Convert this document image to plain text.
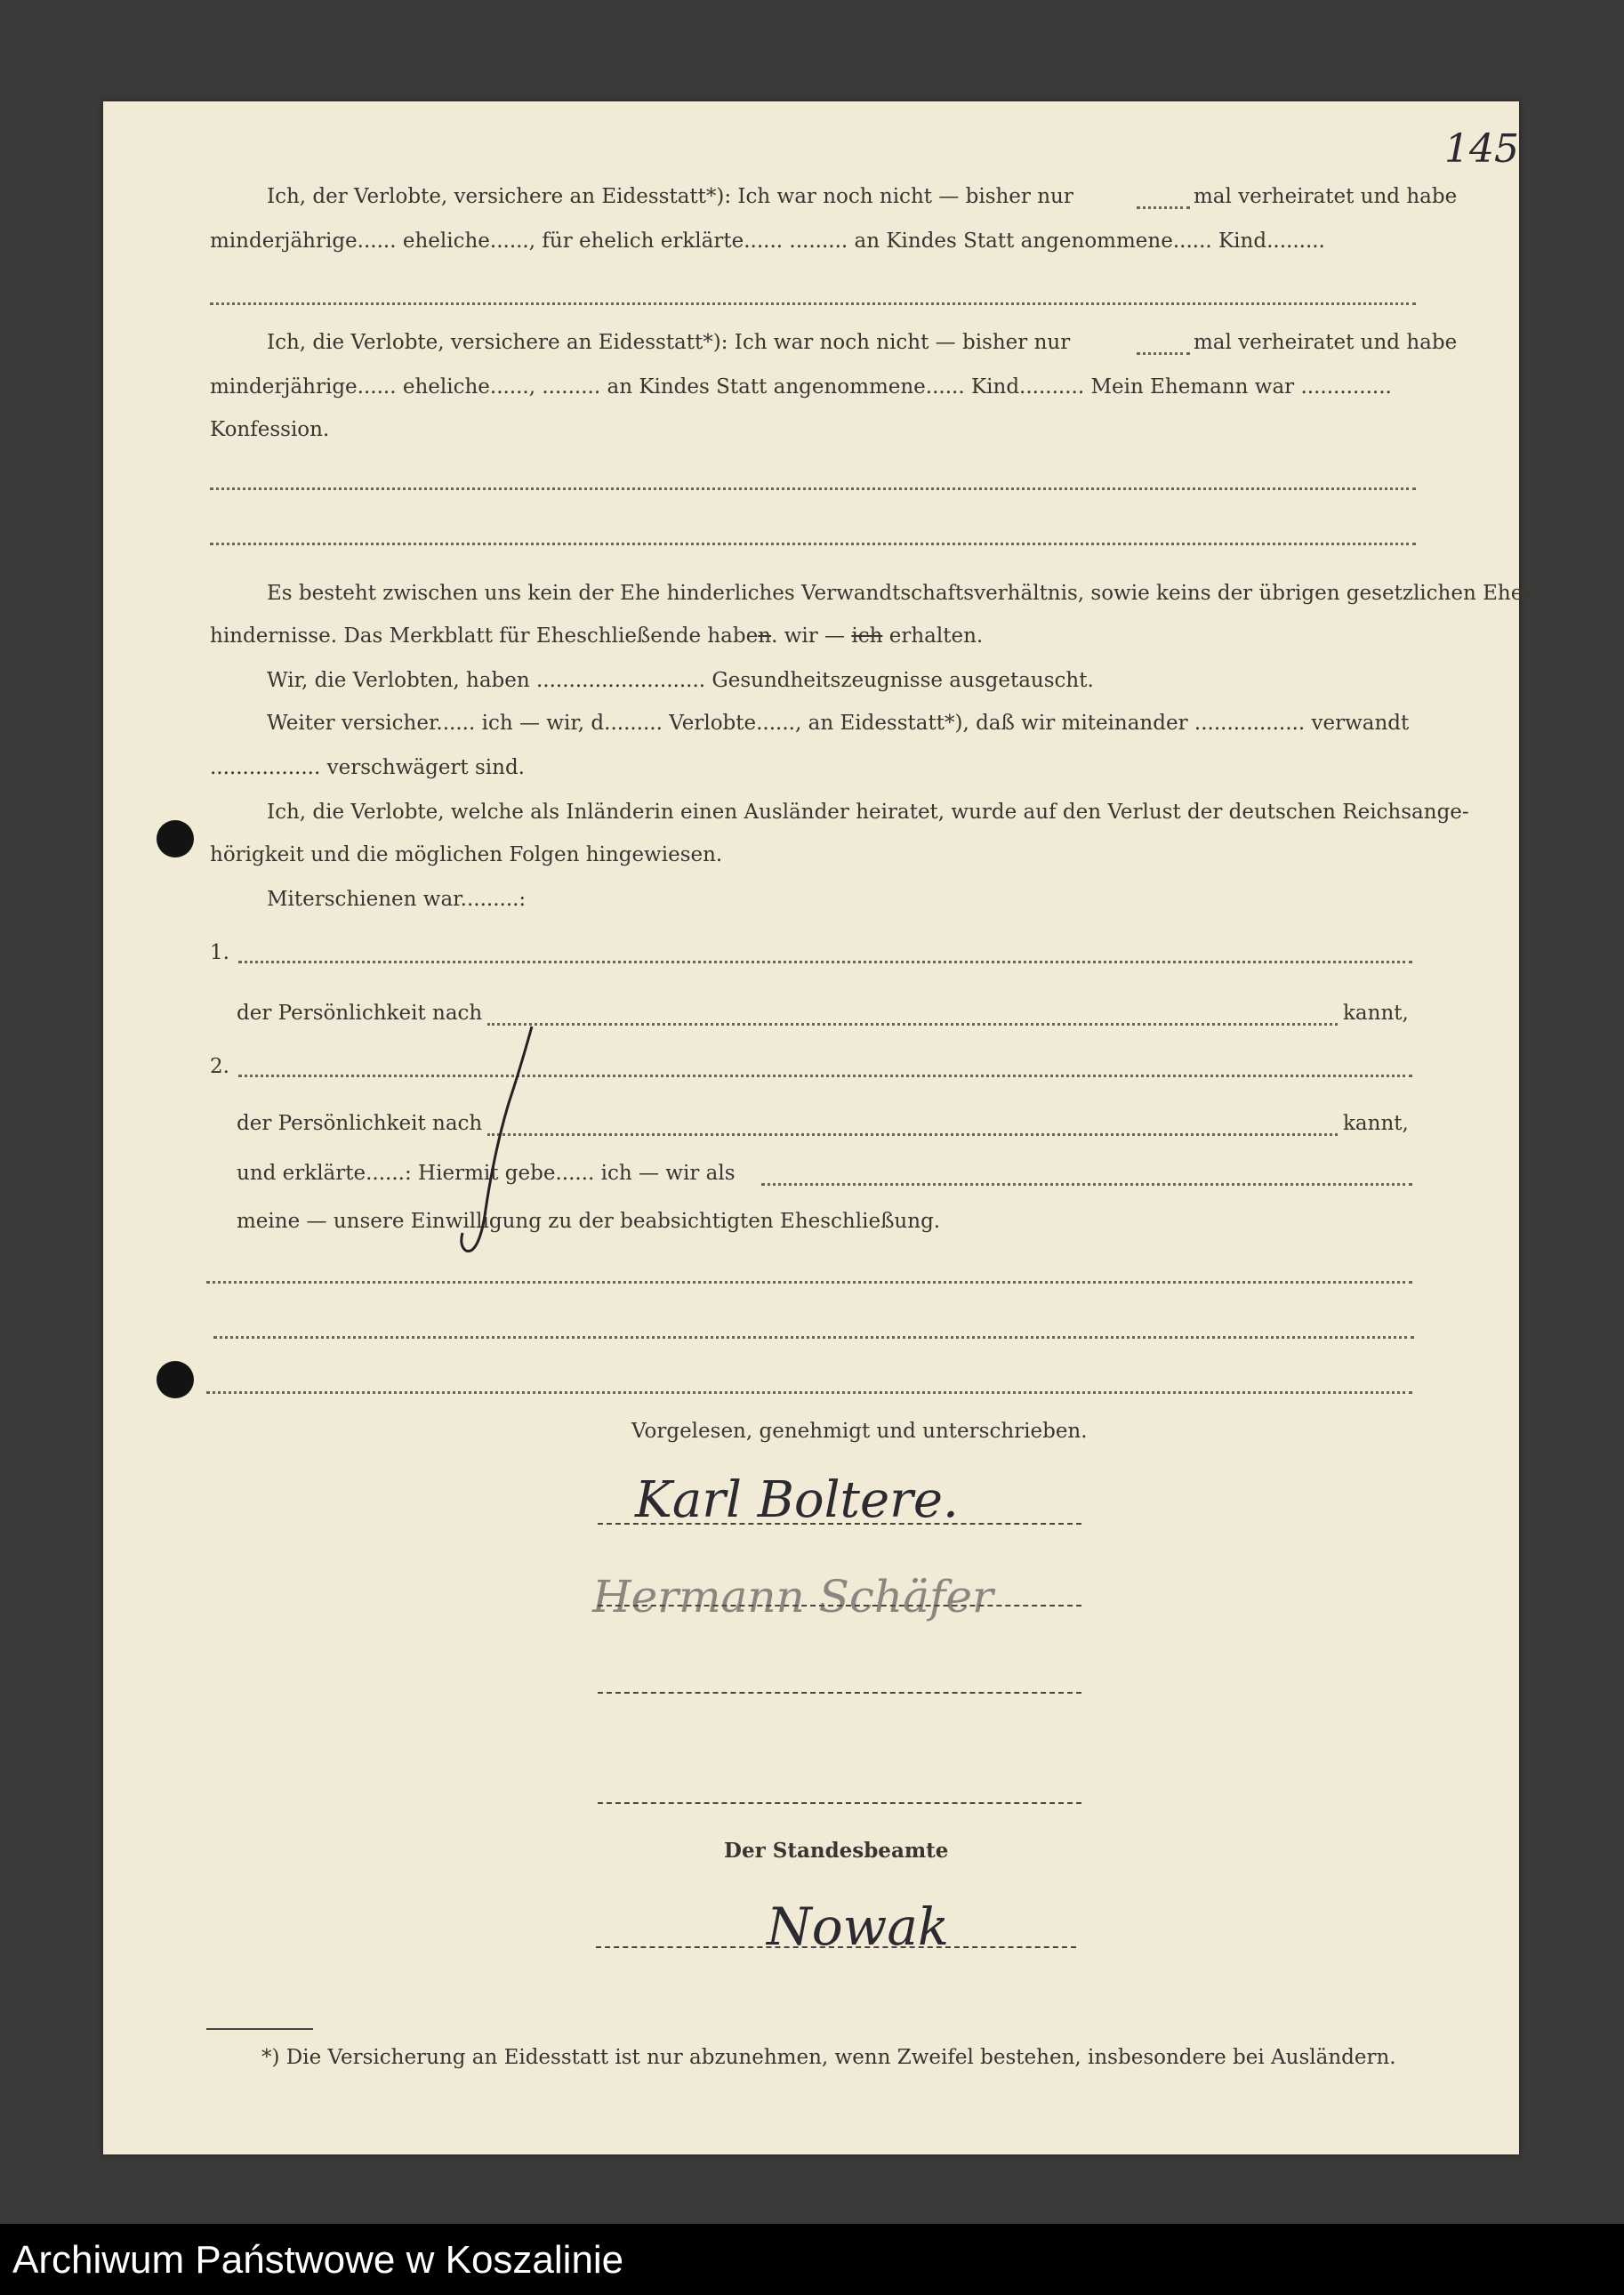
145
Ich, der Verlobte, versichere an Eidesstatt*): Ich war noch nicht — bisher nur	mal verheiratet und habe
minderjährige...... eheliche......, für ehelich erklärte...... ......... an Kindes Statt angenommene...... Kind.........
Ich, die Verlobte, versichere an Eidesstatt*): Ich war noch nicht — bisher nur	mal verheiratet und habe
minderjährige...... eheliche......, ......... an Kindes Statt angenommene...... Kind.......... Mein Ehemann war ..............
Konfession.
Es besteht zwischen uns kein der Ehe hinderliches Verwandtschaftsverhältnis, sowie keins der übrigen gesetzlichen Ehe-
hindernisse. Das Merkblatt für Eheschließende haben. wir — ich erhalten.
Wir, die Verlobten, haben .......................... Gesundheitszeugnisse ausgetauscht.
Weiter versicher...... ich — wir, d......... Verlobte......, an Eidesstatt*), daß wir miteinander ................. verwandt
................. verschwägert sind.
Ich, die Verlobte, welche als Inländerin einen Ausländer heiratet, wurde auf den Verlust der deutschen Reichsange-
hörigkeit und die möglichen Folgen hingewiesen.
Miterschienen war.........:
1.
der Persönlichkeit nach	kannt,
2.
der Persönlichkeit nach	kannt,
und erklärte......: Hiermit gebe...... ich — wir als
meine — unsere Einwilligung zu der beabsichtigten Eheschließung.
Vorgelesen, genehmigt und unterschrieben.
Karl Boltere.
Hermann Schäfer
Der Standesbeamte
Nowak
*) Die Versicherung an Eidesstatt ist nur abzunehmen, wenn Zweifel bestehen, insbesondere bei Ausländern.
Archiwum Państwowe w Koszalinie
